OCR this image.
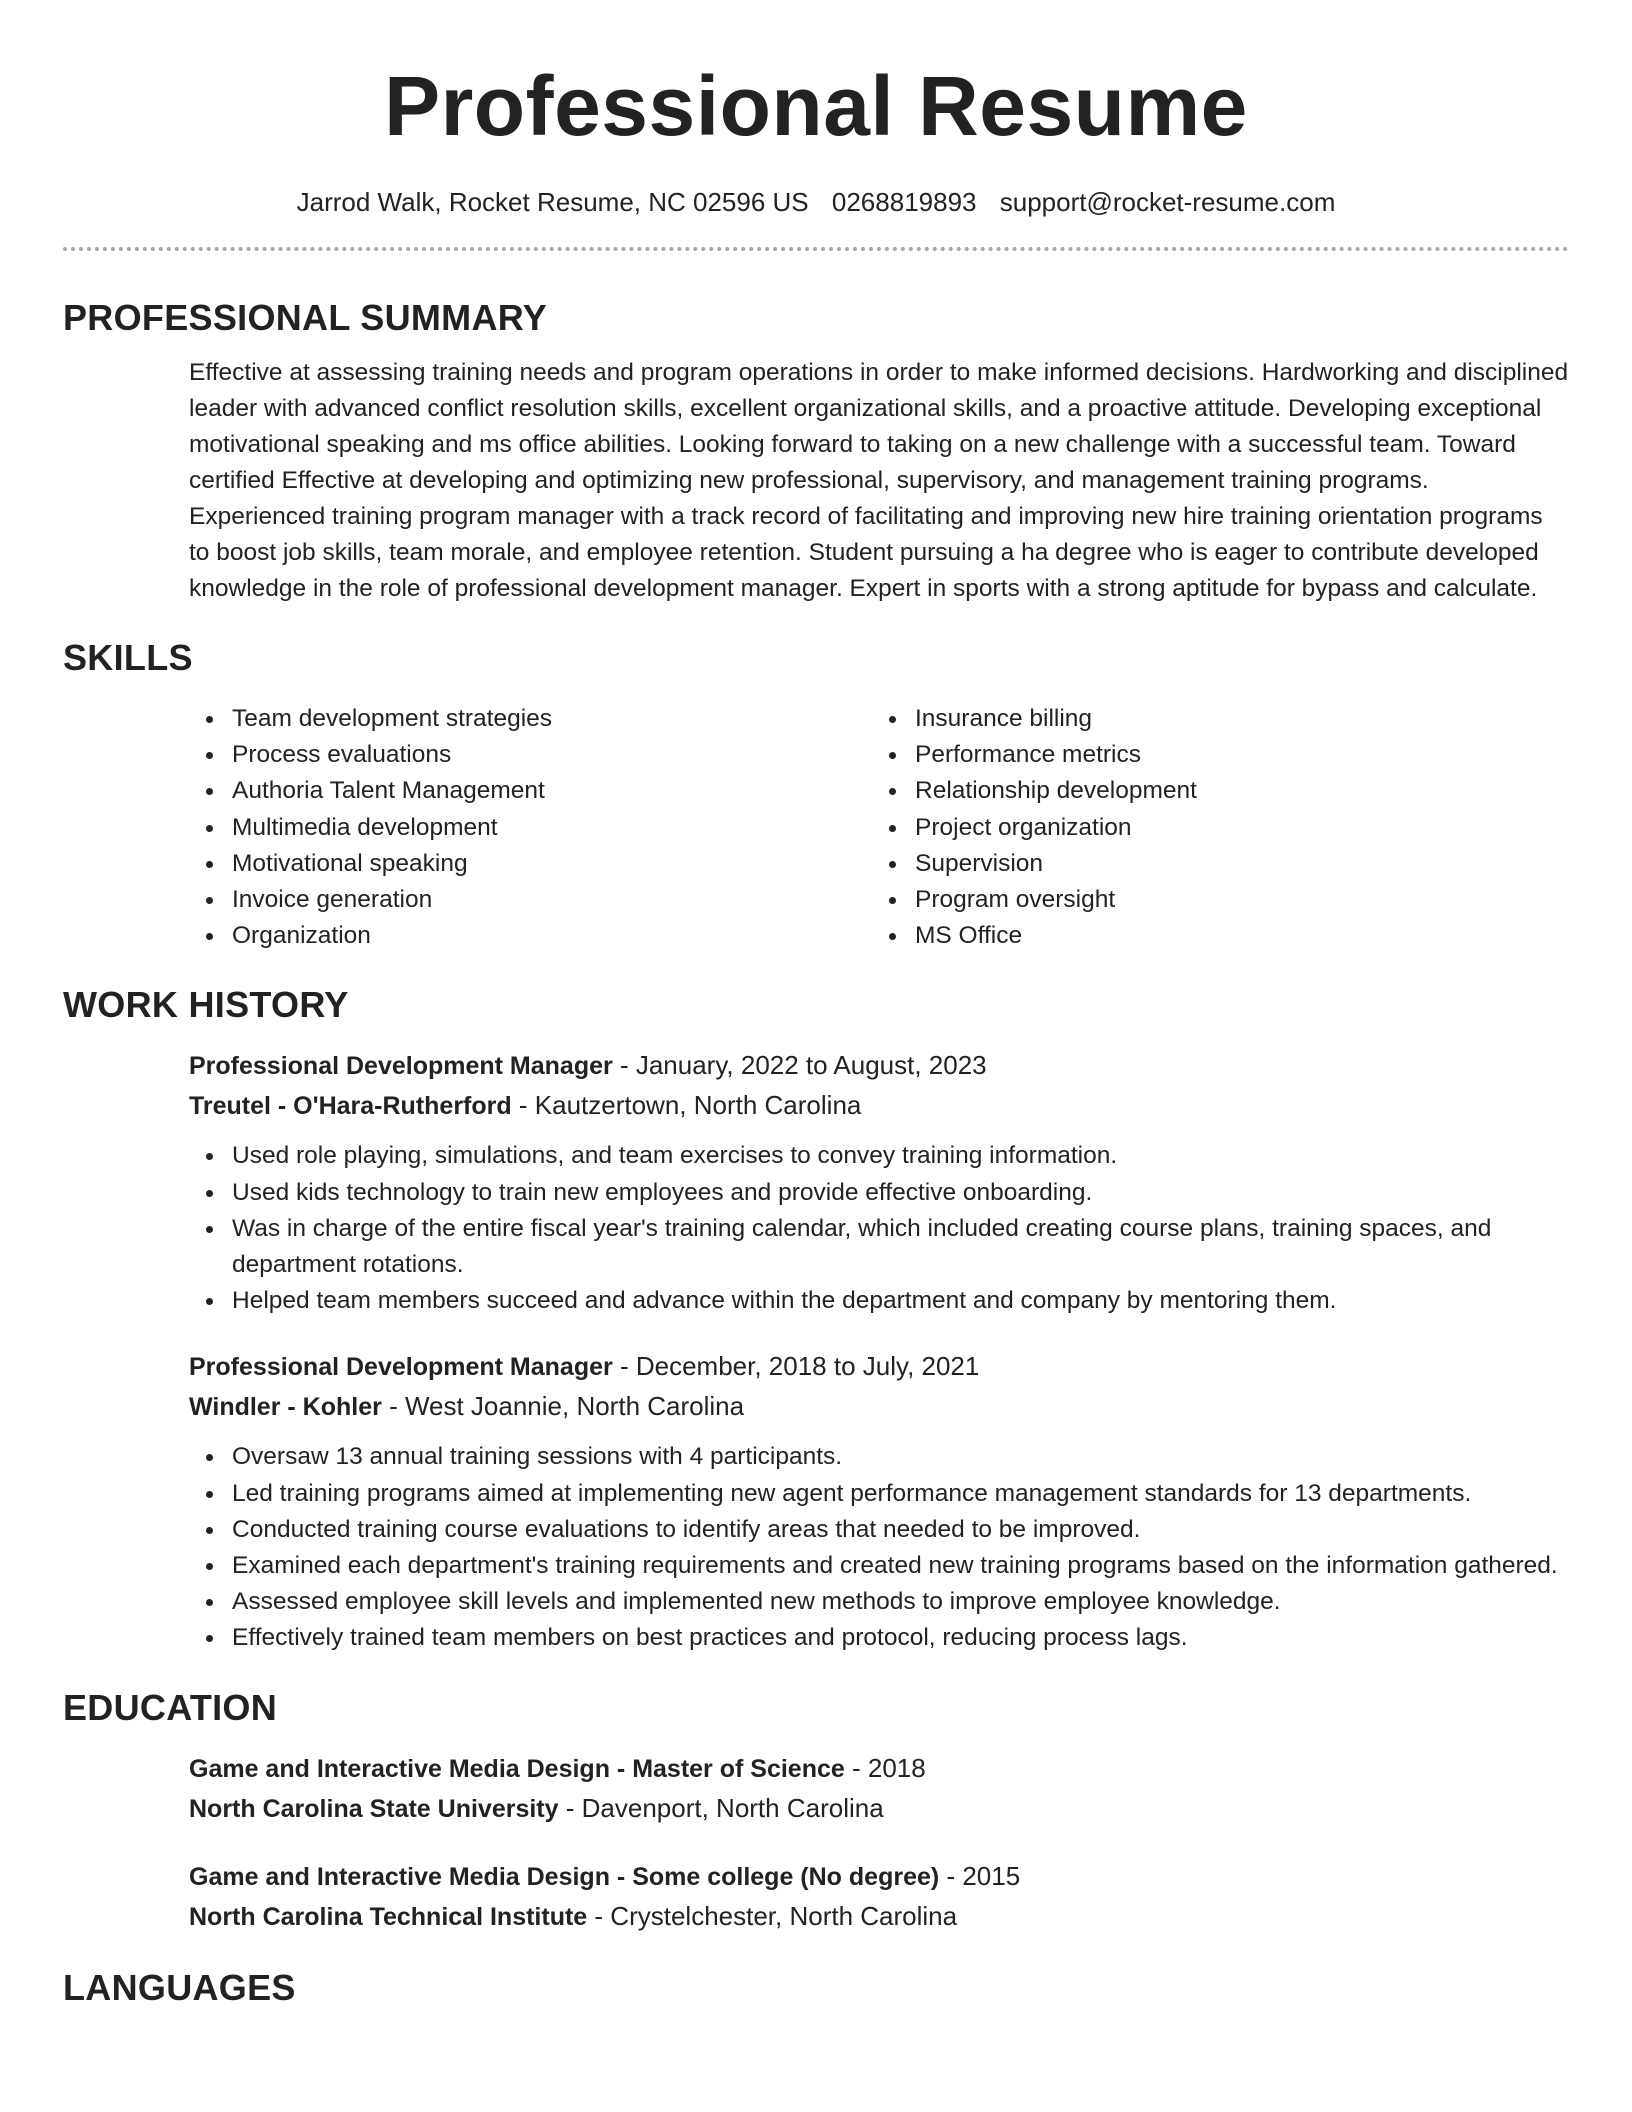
Professional Resume
Jarrod Walk, Rocket Resume, NC 02596 US 0268819893 support@rocket-resume.com
PROFESSIONAL SUMMARY
Effective at assessing training needs and program operations in order to make informed decisions. Hardworking and disciplined leader with advanced conflict resolution skills, excellent organizational skills, and a proactive attitude. Developing exceptional motivational speaking and ms office abilities. Looking forward to taking on a new challenge with a successful team. Toward certified Effective at developing and optimizing new professional, supervisory, and management training programs. Experienced training program manager with a track record of facilitating and improving new hire training orientation programs to boost job skills, team morale, and employee retention. Student pursuing a ha degree who is eager to contribute developed knowledge in the role of professional development manager. Expert in sports with a strong aptitude for bypass and calculate.
SKILLS
Team development strategies
Process evaluations
Authoria Talent Management
Multimedia development
Motivational speaking
Invoice generation
Organization
Insurance billing
Performance metrics
Relationship development
Project organization
Supervision
Program oversight
MS Office
WORK HISTORY
Professional Development Manager - January, 2022 to August, 2023
Treutel - O'Hara-Rutherford - Kautzertown, North Carolina
Used role playing, simulations, and team exercises to convey training information.
Used kids technology to train new employees and provide effective onboarding.
Was in charge of the entire fiscal year's training calendar, which included creating course plans, training spaces, and department rotations.
Helped team members succeed and advance within the department and company by mentoring them.
Professional Development Manager - December, 2018 to July, 2021
Windler - Kohler - West Joannie, North Carolina
Oversaw 13 annual training sessions with 4 participants.
Led training programs aimed at implementing new agent performance management standards for 13 departments.
Conducted training course evaluations to identify areas that needed to be improved.
Examined each department's training requirements and created new training programs based on the information gathered.
Assessed employee skill levels and implemented new methods to improve employee knowledge.
Effectively trained team members on best practices and protocol, reducing process lags.
EDUCATION
Game and Interactive Media Design - Master of Science - 2018
North Carolina State University - Davenport, North Carolina
Game and Interactive Media Design - Some college (No degree) - 2015
North Carolina Technical Institute - Crystelchester, North Carolina
LANGUAGES
